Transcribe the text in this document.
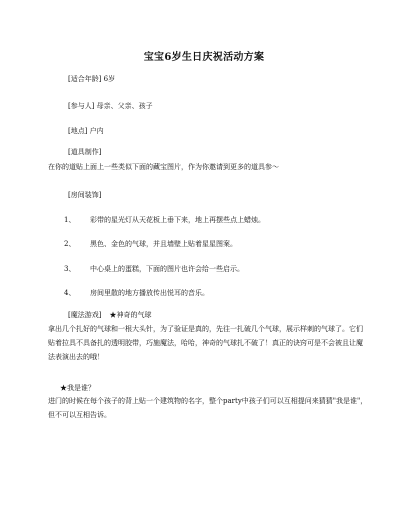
宝宝6岁生日庆祝活动方案
[适合年龄] 6岁
[参与人] 母亲、父亲、孩子
[地点] 户内
[道具制作]
在你的道贴上面上一些类似下面的藏宝图片，作为你邀请到更多的道具参～
[房间装饰]
1、 彩带的星光灯从天花板上垂下来，地上再摆些点上蜡烛。
2、 黑色、金色的气球，并且墙壁上贴着星星图案。
3、 中心桌上的蛋糕，下面的图片也许会给一些启示。
4、 房间里散的地方播放传出悦耳的音乐。
[魔法游戏] ★神奇的气球
拿出几个扎好的气球和一根大头针，为了验证是真的，先往一扎破几个气球，展示样刺的气球了。它们贴着拉具不具备扎的透明胶带，巧施魔法，哈哈，神奇的气球扎不破了！真正的诀窍可是不会被且让魔法表演出去的哦！
★我是谁？
进门的时候在每个孩子的背上贴一个建筑物的名字，整个party中孩子们可以互相提问来猜猜"我是谁"，但不可以互相告诉。
